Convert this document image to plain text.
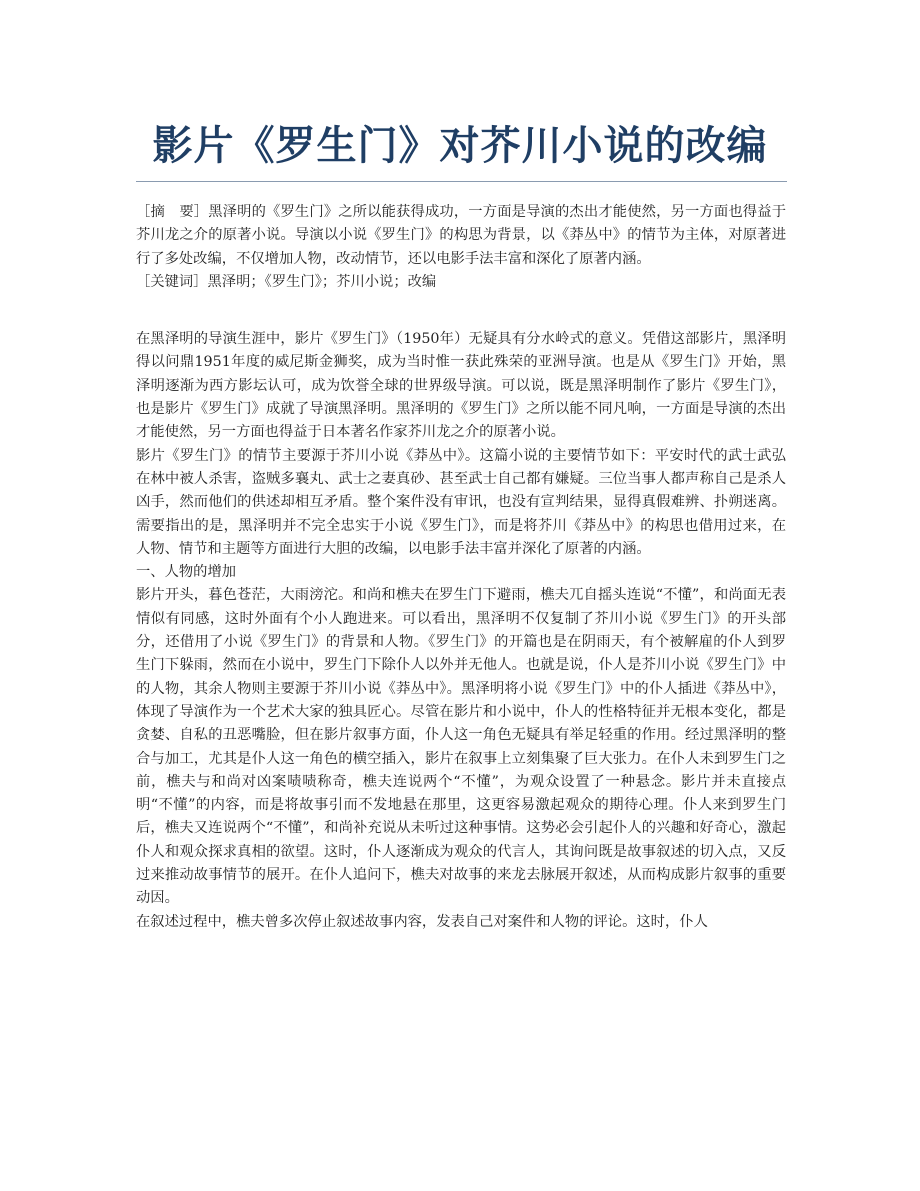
影片《罗生门》对芥川小说的改编

［摘　要］黑泽明的《罗生门》之所以能获得成功，一方面是导演的杰出才能使然，另一方面也得益于芥川龙之介的原著小说。导演以小说《罗生门》的构思为背景，以《莽丛中》的情节为主体，对原著进行了多处改编，不仅增加人物，改动情节，还以电影手法丰富和深化了原著内涵。

［关键词］黑泽明；《罗生门》；芥川小说；改编

在黑泽明的导演生涯中，影片《罗生门》（1950年）无疑具有分水岭式的意义。凭借这部影片，黑泽明得以问鼎1951年度的威尼斯金狮奖，成为当时惟一获此殊荣的亚洲导演。也是从《罗生门》开始，黑泽明逐渐为西方影坛认可，成为饮誉全球的世界级导演。可以说，既是黑泽明制作了影片《罗生门》，也是影片《罗生门》成就了导演黑泽明。黑泽明的《罗生门》之所以能不同凡响，一方面是导演的杰出才能使然，另一方面也得益于日本著名作家芥川龙之介的原著小说。

影片《罗生门》的情节主要源于芥川小说《莽丛中》。这篇小说的主要情节如下：平安时代的武士武弘在林中被人杀害，盗贼多襄丸、武士之妻真砂、甚至武士自己都有嫌疑。三位当事人都声称自己是杀人凶手，然而他们的供述却相互矛盾。整个案件没有审讯，也没有宣判结果，显得真假难辨、扑朔迷离。需要指出的是，黑泽明并不完全忠实于小说《罗生门》，而是将芥川《莽丛中》的构思也借用过来，在人物、情节和主题等方面进行大胆的改编，以电影手法丰富并深化了原著的内涵。

一、人物的增加

影片开头，暮色苍茫，大雨滂沱。和尚和樵夫在罗生门下避雨，樵夫兀自摇头连说“不懂”，和尚面无表情似有同感，这时外面有个小人跑进来。可以看出，黑泽明不仅复制了芥川小说《罗生门》的开头部分，还借用了小说《罗生门》的背景和人物。《罗生门》的开篇也是在阴雨天，有个被解雇的仆人到罗生门下躲雨，然而在小说中，罗生门下除仆人以外并无他人。也就是说，仆人是芥川小说《罗生门》中的人物，其余人物则主要源于芥川小说《莽丛中》。黑泽明将小说《罗生门》中的仆人插进《莽丛中》，体现了导演作为一个艺术大家的独具匠心。尽管在影片和小说中，仆人的性格特征并无根本变化，都是贪婪、自私的丑恶嘴脸，但在影片叙事方面，仆人这一角色无疑具有举足轻重的作用。经过黑泽明的整合与加工，尤其是仆人这一角色的横空插入，影片在叙事上立刻集聚了巨大张力。在仆人未到罗生门之前，樵夫与和尚对凶案啧啧称奇，樵夫连说两个“不懂”，为观众设置了一种悬念。影片并未直接点明“不懂”的内容，而是将故事引而不发地悬在那里，这更容易激起观众的期待心理。仆人来到罗生门后，樵夫又连说两个“不懂”，和尚补充说从未听过这种事情。这势必会引起仆人的兴趣和好奇心，激起仆人和观众探求真相的欲望。这时，仆人逐渐成为观众的代言人，其询问既是故事叙述的切入点，又反过来推动故事情节的展开。在仆人追问下，樵夫对故事的来龙去脉展开叙述，从而构成影片叙事的重要动因。

在叙述过程中，樵夫曾多次停止叙述故事内容，发表自己对案件和人物的评论。这时，仆人
